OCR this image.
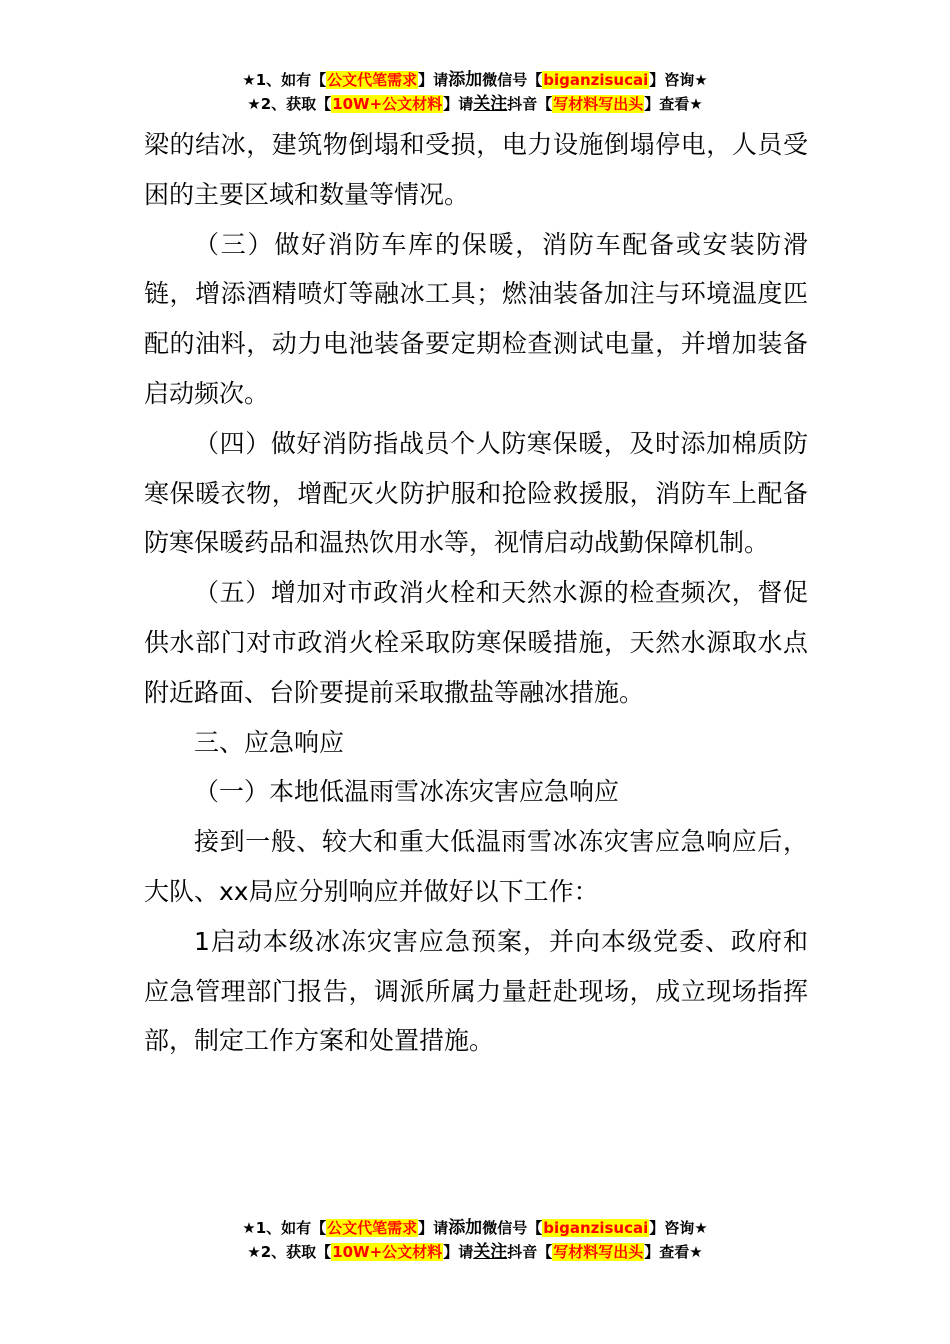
★1、如有【公文代笔需求】请添加微信号【biganzisucai】咨询★
★2、获取【10W+公文材料】请关注抖音【写材料写出头】查看★

梁的结冰，建筑物倒塌和受损，电力设施倒塌停电，人员受困的主要区域和数量等情况。

（三）做好消防车库的保暖，消防车配备或安装防滑链，增添酒精喷灯等融冰工具；燃油装备加注与环境温度匹配的油料，动力电池装备要定期检查测试电量，并增加装备启动频次。

（四）做好消防指战员个人防寒保暖，及时添加棉质防寒保暖衣物，增配灭火防护服和抢险救援服，消防车上配备防寒保暖药品和温热饮用水等，视情启动战勤保障机制。

（五）增加对市政消火栓和天然水源的检查频次，督促供水部门对市政消火栓采取防寒保暖措施，天然水源取水点附近路面、台阶要提前采取撒盐等融冰措施。

三、应急响应

（一）本地低温雨雪冰冻灾害应急响应

接到一般、较大和重大低温雨雪冰冻灾害应急响应后，大队、xx局应分别响应并做好以下工作：

1启动本级冰冻灾害应急预案，并向本级党委、政府和应急管理部门报告，调派所属力量赶赴现场，成立现场指挥部，制定工作方案和处置措施。

★1、如有【公文代笔需求】请添加微信号【biganzisucai】咨询★
★2、获取【10W+公文材料】请关注抖音【写材料写出头】查看★
